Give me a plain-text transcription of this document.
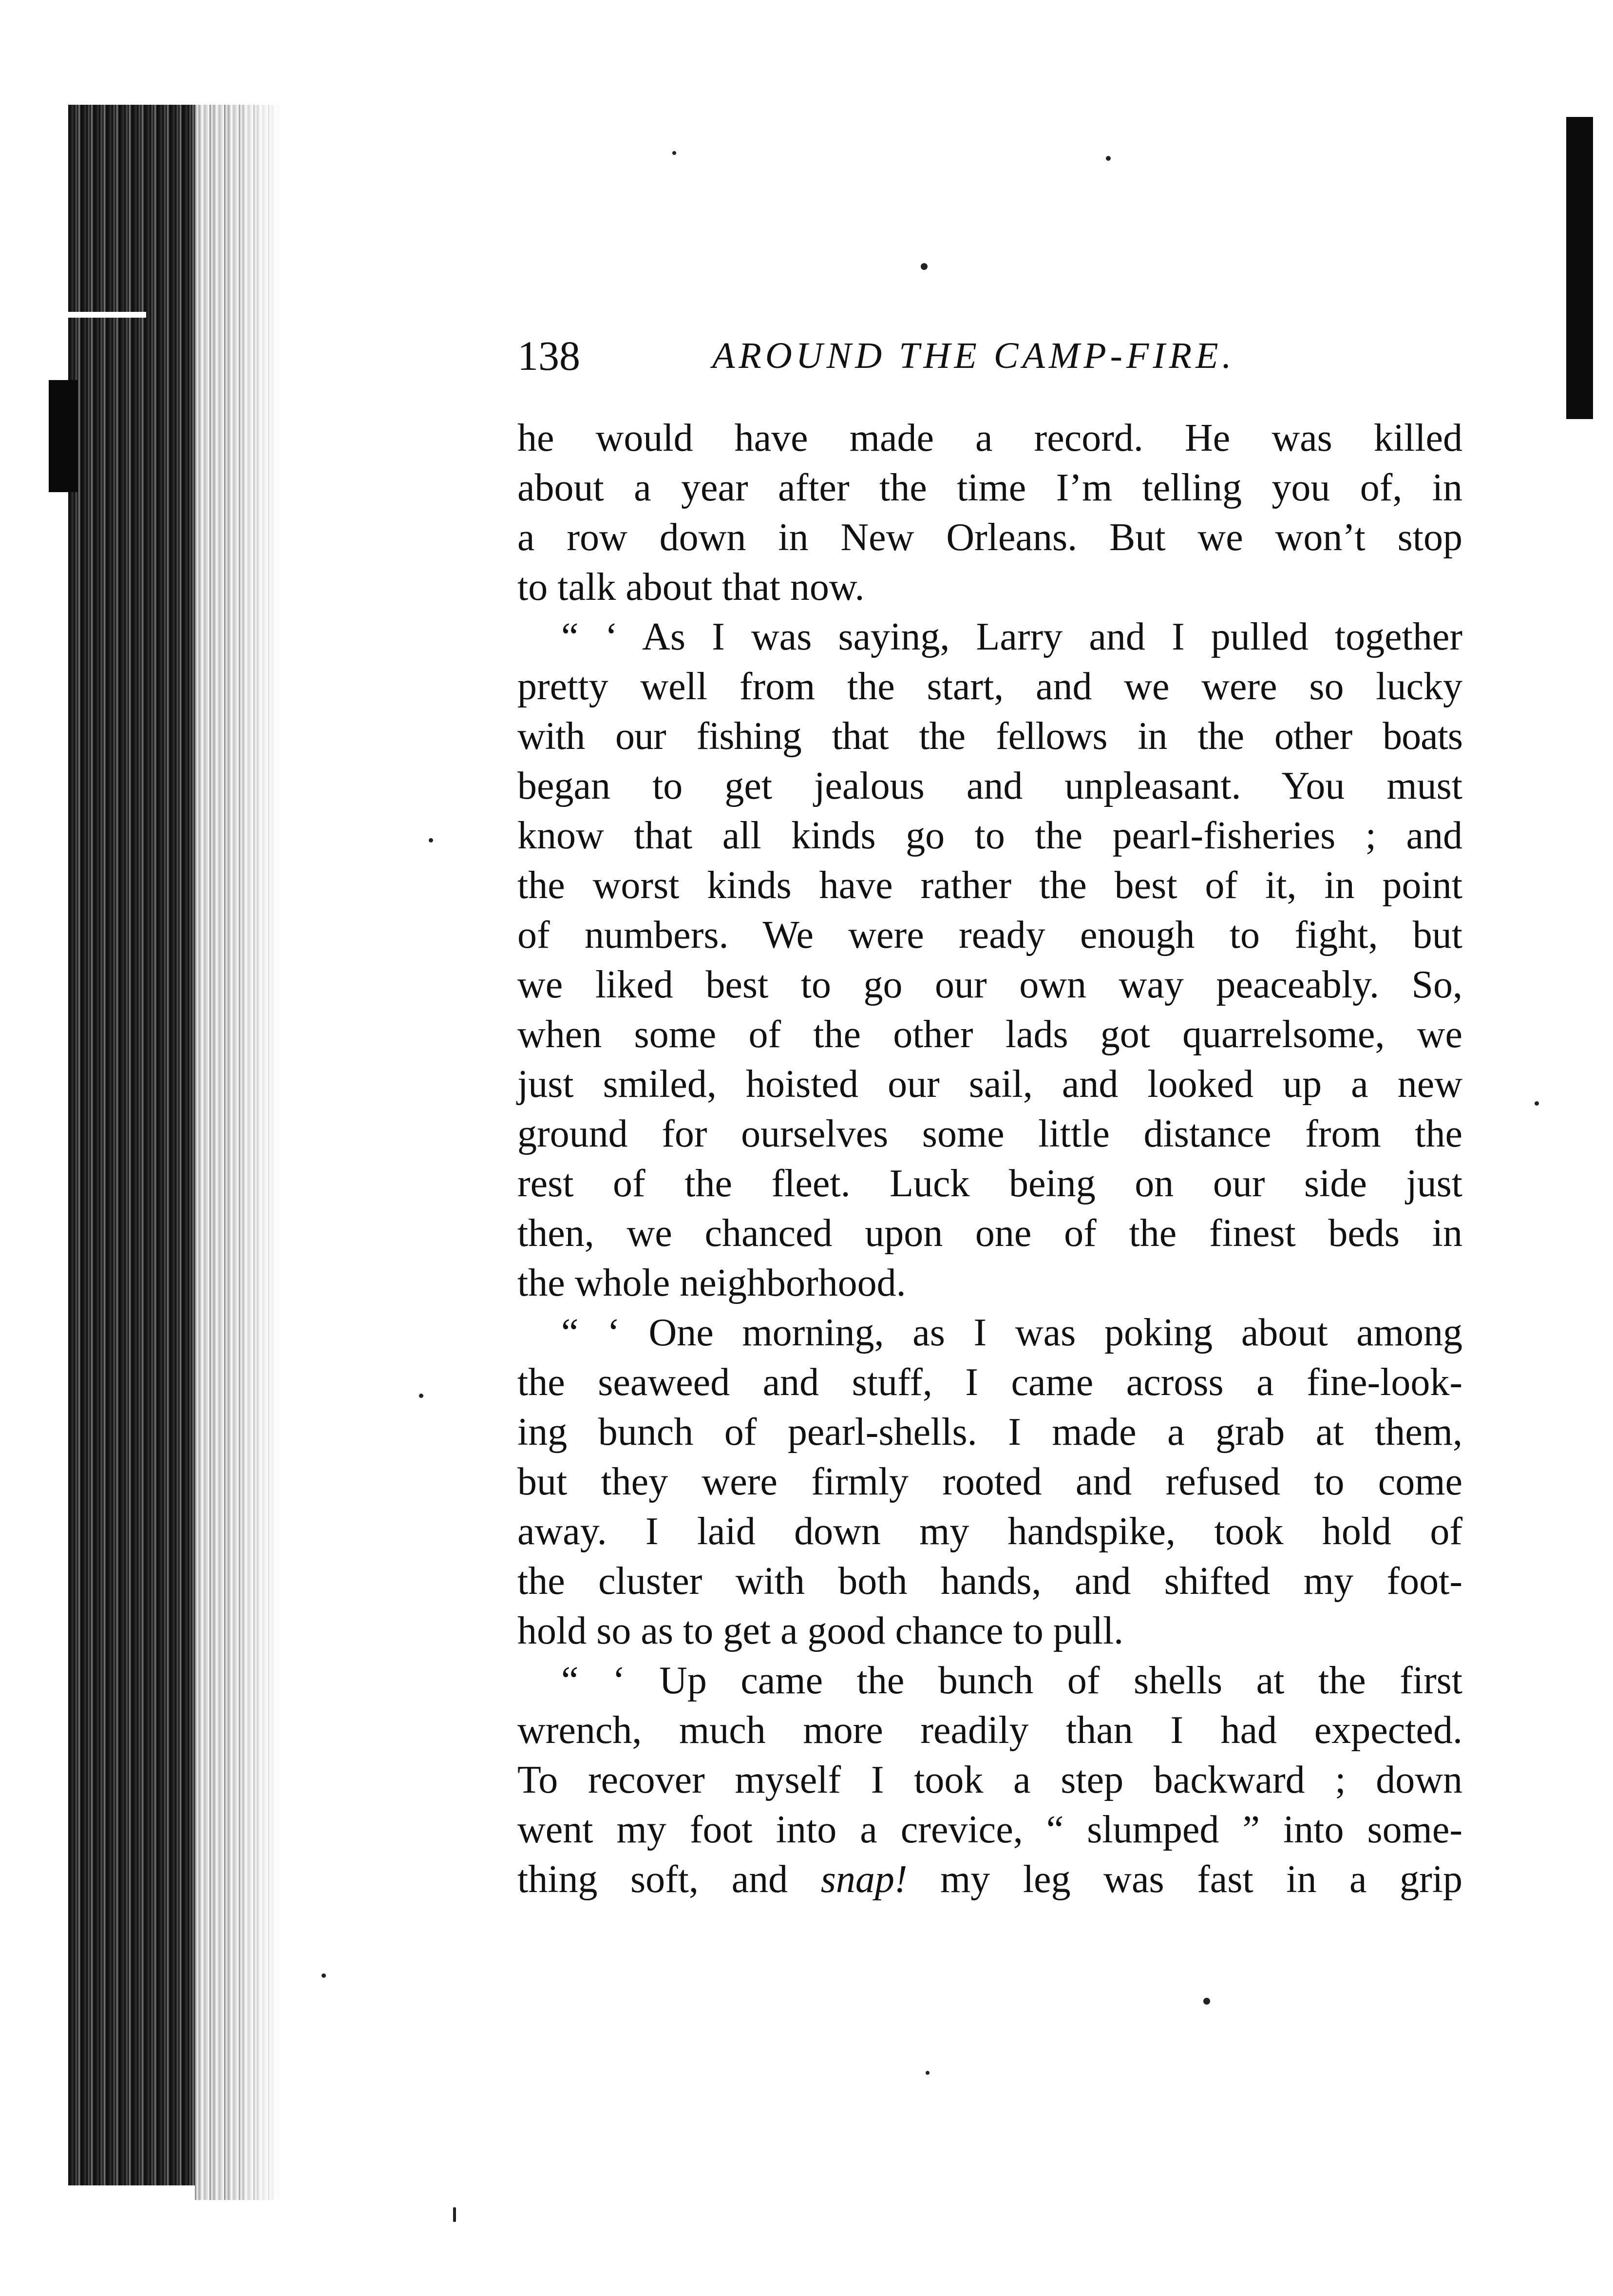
138	AROUND THE CAMP-FIRE.
he would have made a record. He was killed
about a year after the time I’m telling you of, in
a row down in New Orleans. But we won’t stop
to talk about that now.
“ ‘ As I was saying, Larry and I pulled together
pretty well from the start, and we were so lucky
with our fishing that the fellows in the other boats
began to get jealous and unpleasant. You must
know that all kinds go to the pearl-fisheries ; and
the worst kinds have rather the best of it, in point
of numbers. We were ready enough to fight, but
we liked best to go our own way peaceably. So,
when some of the other lads got quarrelsome, we
just smiled, hoisted our sail, and looked up a new
ground for ourselves some little distance from the
rest of the fleet. Luck being on our side just
then, we chanced upon one of the finest beds in
the whole neighborhood.
“ ‘ One morning, as I was poking about among
the seaweed and stuff, I came across a fine-look-
ing bunch of pearl-shells. I made a grab at them,
but they were firmly rooted and refused to come
away. I laid down my handspike, took hold of
the cluster with both hands, and shifted my foot-
hold so as to get a good chance to pull.
“ ‘ Up came the bunch of shells at the first
wrench, much more readily than I had expected.
To recover myself I took a step backward ; down
went my foot into a crevice, “ slumped ” into some-
thing soft, and snap! my leg was fast in a grip
